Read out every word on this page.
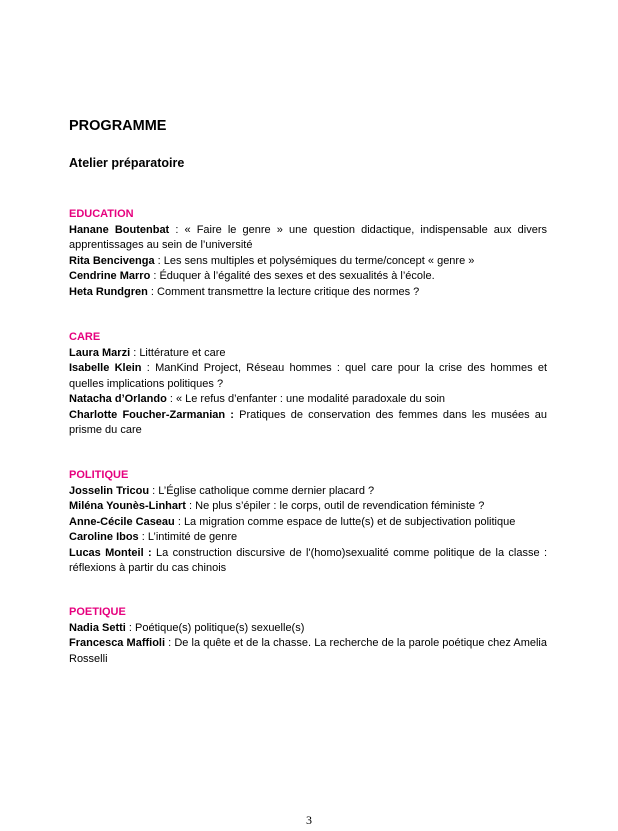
PROGRAMME
Atelier préparatoire

EDUCATION

Hanane Boutenbat : « Faire le genre » une question didactique, indispensable aux divers apprentissages au sein de l’université

Rita Bencivenga : Les sens multiples et polysémiques du terme/concept « genre »

Cendrine Marro : Éduquer à l’égalité des sexes et des sexualités à l’école.

Heta Rundgren : Comment transmettre la lecture critique des normes ?

CARE

Laura Marzi : Littérature et care

Isabelle Klein : ManKind Project, Réseau hommes : quel care pour la crise des hommes et quelles implications politiques ?

Natacha d’Orlando : « Le refus d’enfanter : une modalité paradoxale du soin

Charlotte Foucher-Zarmanian : Pratiques de conservation des femmes dans les musées au prisme du care

POLITIQUE

Josselin Tricou : L’Église catholique comme dernier placard ?

Miléna Younès-Linhart : Ne plus s’épiler : le corps, outil de revendication féministe ?

Anne-Cécile Caseau : La migration comme espace de lutte(s) et de subjectivation politique

Caroline Ibos : L’intimité de genre

Lucas Monteil : La construction discursive de l'(homo)sexualité comme politique de la classe : réflexions à partir du cas chinois

POETIQUE

Nadia Setti : Poétique(s) politique(s) sexuelle(s)

Francesca Maffioli : De la quête et de la chasse. La recherche de la parole poétique chez Amelia Rosselli

3
